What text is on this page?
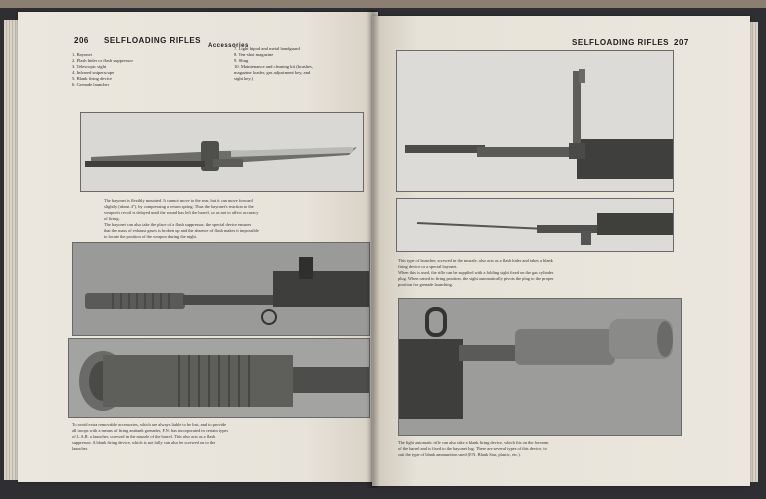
206 SELFLOADING RIFLES
Accessories
1. Bayonet
2. Flash hider or flash suppressor
3. Telescopic sight
4. Infrared sniperscope
5. Blank firing device
6. Grenade launcher
7. Light bipod and metal handguard
8. Ten-shot magazine
9. Sling
10. Maintenance and cleaning kit (brushes,
magazine loader, gas adjustment key, and
sight key.)
The bayonet is flexibly mounted. It cannot move to the rear, but it can move forward
slightly (about 4"), by compressing a return spring. Thus the bayonet's reaction to the
weapon's recoil is delayed until the round has left the barrel, so as not to affect accuracy
of firing.
The bayonet can also take the place of a flash suppressor, the special device ensures
that the mass of exhaust gases is broken up and the absence of flash makes it impossible
to locate the position of the weapon during the night.
To avoid extra removable accessories, which are always liable to be lost, and to provide
all troops with a means of firing antitank grenades, F.N. has incorporated in certain types
of L.A.R. a launcher, screwed in the muzzle of the barrel. This also acts as a flash
suppressor. A blank firing device, which is not fully can also be screwed on to the
launcher.
SELFLOADING RIFLES 207
This type of launcher, screwed in the muzzle, also acts as a flash hider and takes a blank
firing device or a special bayonet.
When this is used, the rifle can be supplied with a folding sight fixed on the gas cylinder
plug. When raised to firing position, the sight automatically pivots the plug to the proper
position for grenade launching.
The light automatic rifle can also take a blank firing device, which fits on the forearm
of the barrel and is fixed to the bayonet lug. There are several types of this device, to
suit the type of blank ammunition used (F.N. Blank Star, plastic, etc.).
